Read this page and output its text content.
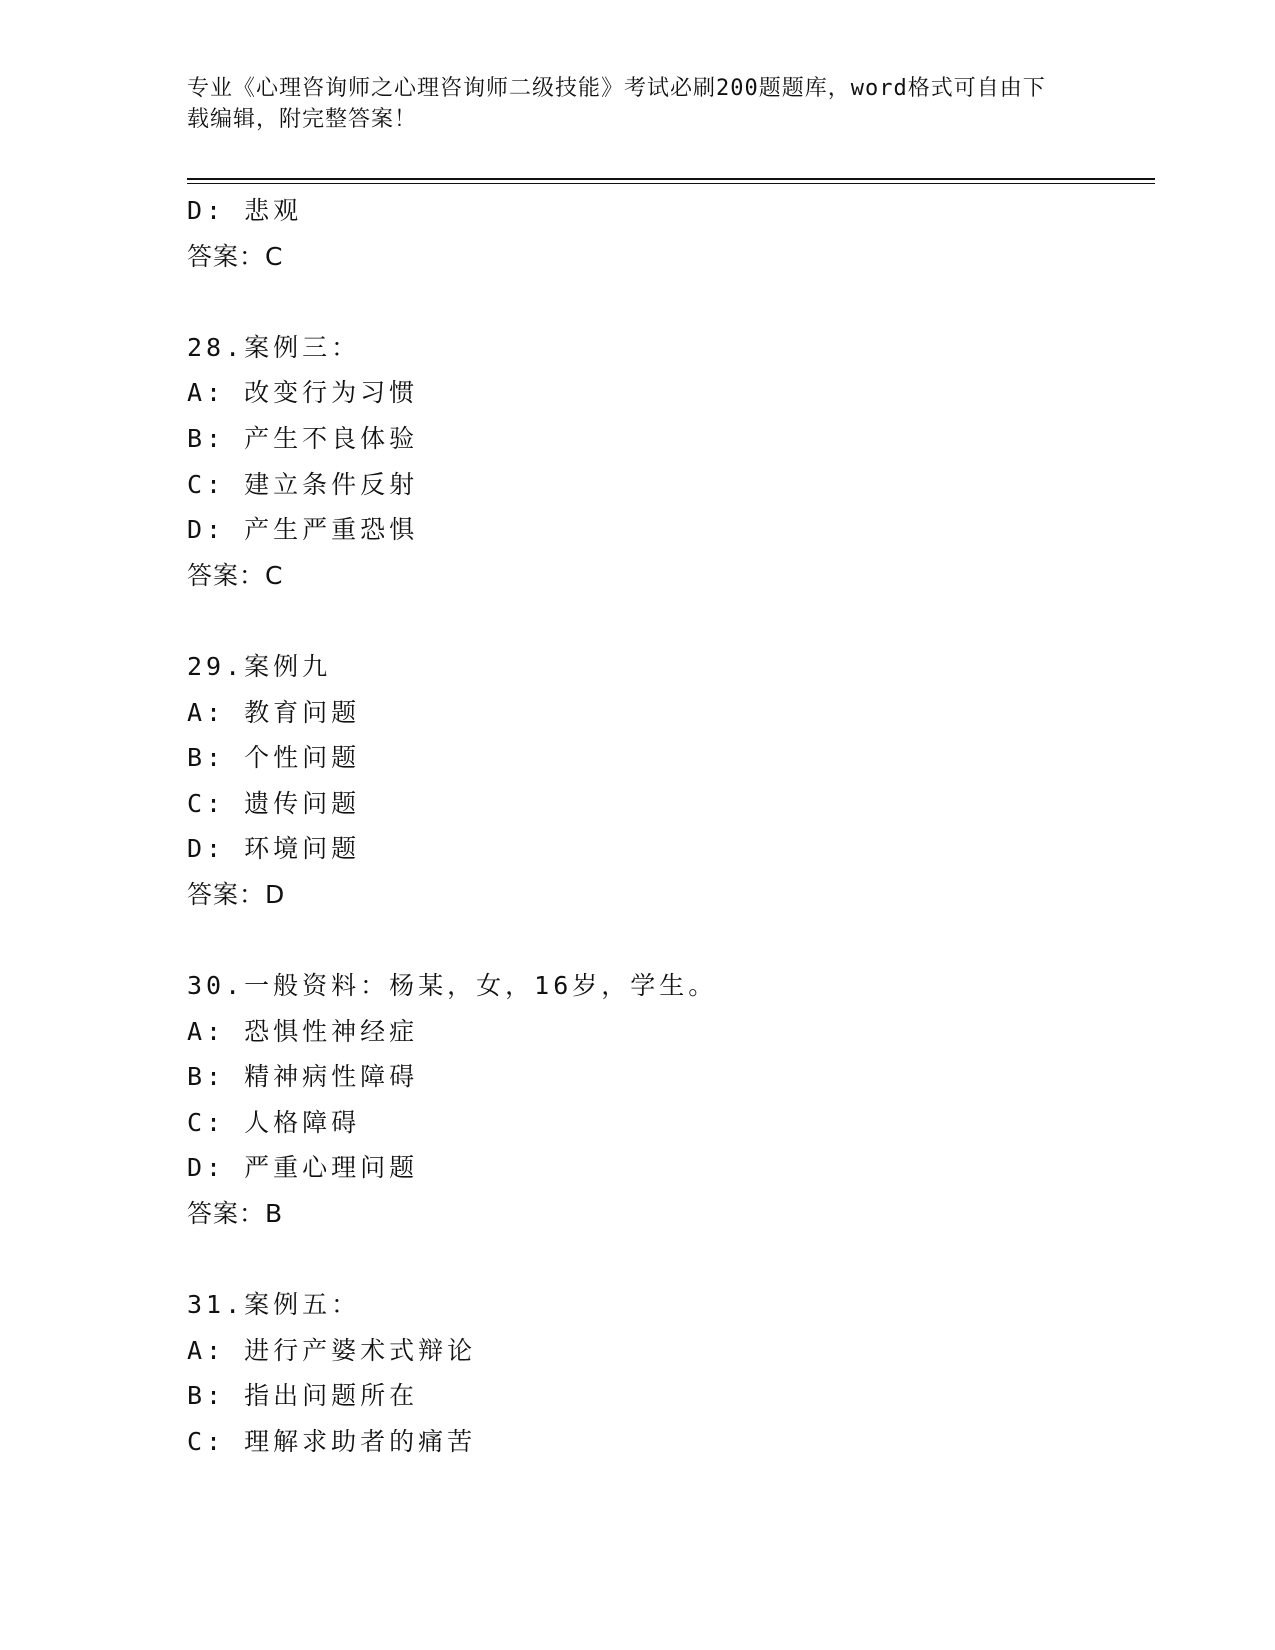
专业《心理咨询师之心理咨询师二级技能》考试必刷200题题库，word格式可自由下载编辑，附完整答案！
D: 悲观
答案：C
28.案例三：
A: 改变行为习惯
B: 产生不良体验
C: 建立条件反射
D: 产生严重恐惧
答案：C
29.案例九
A: 教育问题
B: 个性问题
C: 遗传问题
D: 环境问题
答案：D
30.一般资料：杨某，女，16岁，学生。
A: 恐惧性神经症
B: 精神病性障碍
C: 人格障碍
D: 严重心理问题
答案：B
31.案例五：
A: 进行产婆术式辩论
B: 指出问题所在
C: 理解求助者的痛苦
